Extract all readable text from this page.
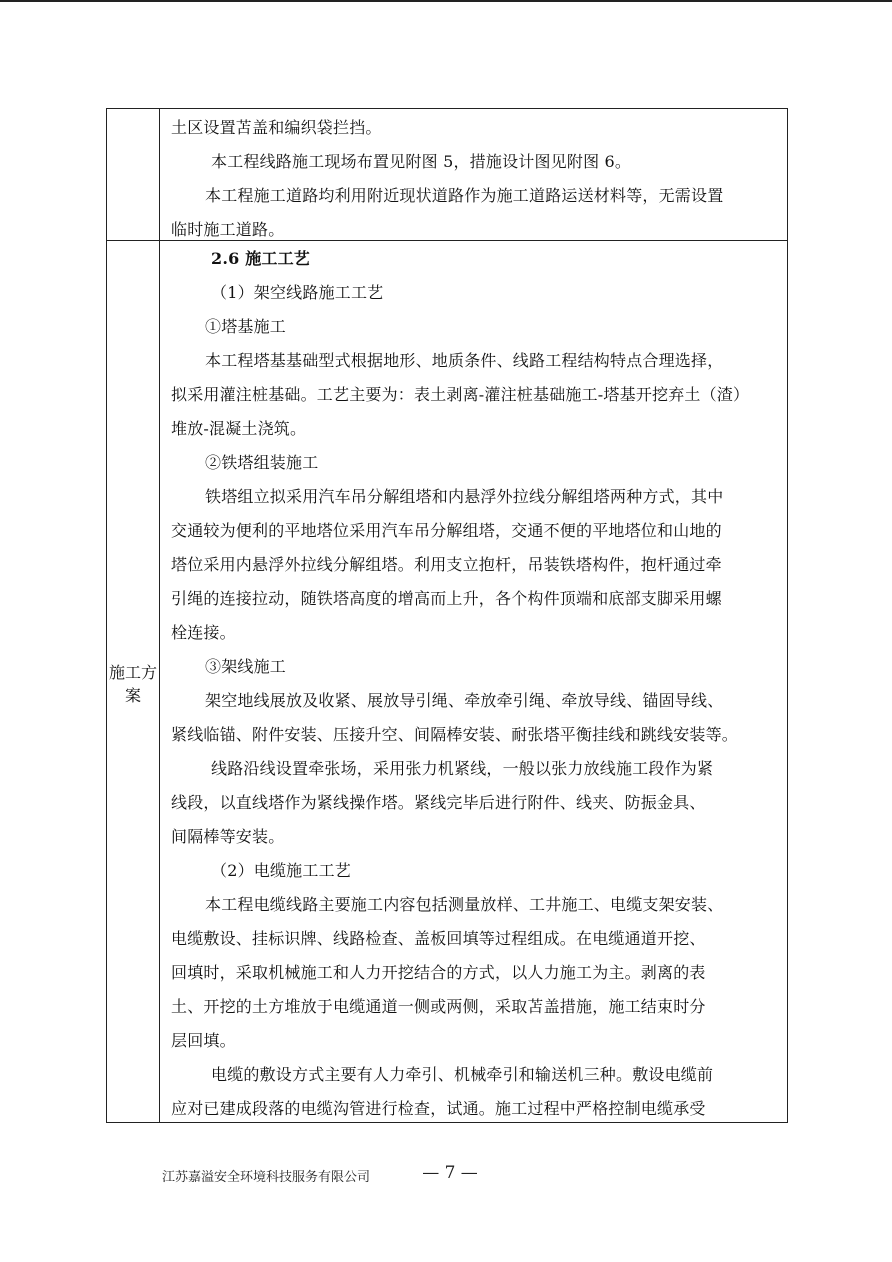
施工方案
土区设置苫盖和编织袋拦挡。
本工程线路施工现场布置见附图 5，措施设计图见附图 6。
本工程施工道路均利用附近现状道路作为施工道路运送材料等，无需设置
临时施工道路。
2.6 施工工艺
（1）架空线路施工工艺
①塔基施工
本工程塔基基础型式根据地形、地质条件、线路工程结构特点合理选择，
拟采用灌注桩基础。工艺主要为：表土剥离-灌注桩基础施工-塔基开挖弃土（渣）
堆放-混凝土浇筑。
②铁塔组装施工
铁塔组立拟采用汽车吊分解组塔和内悬浮外拉线分解组塔两种方式，其中
交通较为便利的平地塔位采用汽车吊分解组塔，交通不便的平地塔位和山地的
塔位采用内悬浮外拉线分解组塔。利用支立抱杆，吊装铁塔构件，抱杆通过牵
引绳的连接拉动，随铁塔高度的增高而上升，各个构件顶端和底部支脚采用螺
栓连接。
③架线施工
架空地线展放及收紧、展放导引绳、牵放牵引绳、牵放导线、锚固导线、
紧线临锚、附件安装、压接升空、间隔棒安装、耐张塔平衡挂线和跳线安装等。
线路沿线设置牵张场，采用张力机紧线，一般以张力放线施工段作为紧
线段，以直线塔作为紧线操作塔。紧线完毕后进行附件、线夹、防振金具、
间隔棒等安装。
（2）电缆施工工艺
本工程电缆线路主要施工内容包括测量放样、工井施工、电缆支架安装、
电缆敷设、挂标识牌、线路检查、盖板回填等过程组成。在电缆通道开挖、
回填时，采取机械施工和人力开挖结合的方式，以人力施工为主。剥离的表
土、开挖的土方堆放于电缆通道一侧或两侧，采取苫盖措施，施工结束时分
层回填。
电缆的敷设方式主要有人力牵引、机械牵引和输送机三种。敷设电缆前
应对已建成段落的电缆沟管进行检查，试通。施工过程中严格控制电缆承受
江苏嘉溢安全环境科技服务有限公司	— 7 —
